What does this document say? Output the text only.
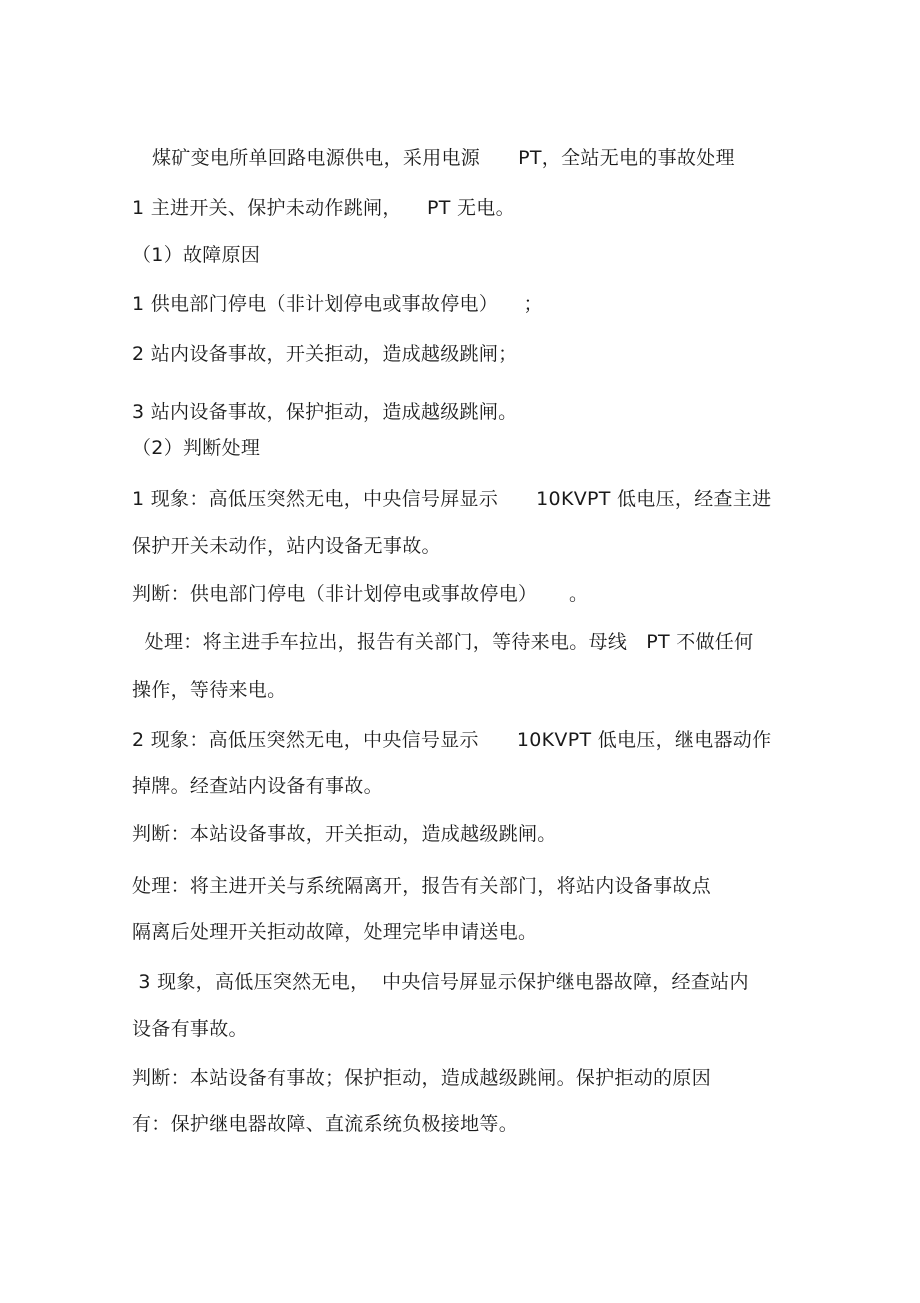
煤矿变电所单回路电源供电，采用电源      PT，全站无电的事故处理
1 主进开关、保护未动作跳闸，    PT 无电。
（1）故障原因
1 供电部门停电（非计划停电或事故停电）    ；
2 站内设备事故，开关拒动，造成越级跳闸；
3 站内设备事故，保护拒动，造成越级跳闸。
（2）判断处理
1 现象：高低压突然无电，中央信号屏显示      10KVPT 低电压，经查主进
保护开关未动作，站内设备无事故。
判断：供电部门停电（非计划停电或事故停电）     。
处理：将主进手车拉出，报告有关部门，等待来电。母线   PT 不做任何
操作，等待来电。
2 现象：高低压突然无电，中央信号显示      10KVPT 低电压，继电器动作
掉牌。经查站内设备有事故。
判断：本站设备事故，开关拒动，造成越级跳闸。
处理：将主进开关与系统隔离开，报告有关部门，将站内设备事故点
隔离后处理开关拒动故障，处理完毕申请送电。
3 现象，高低压突然无电，  中央信号屏显示保护继电器故障，经查站内
设备有事故。
判断：本站设备有事故；保护拒动，造成越级跳闸。保护拒动的原因
有：保护继电器故障、直流系统负极接地等。
